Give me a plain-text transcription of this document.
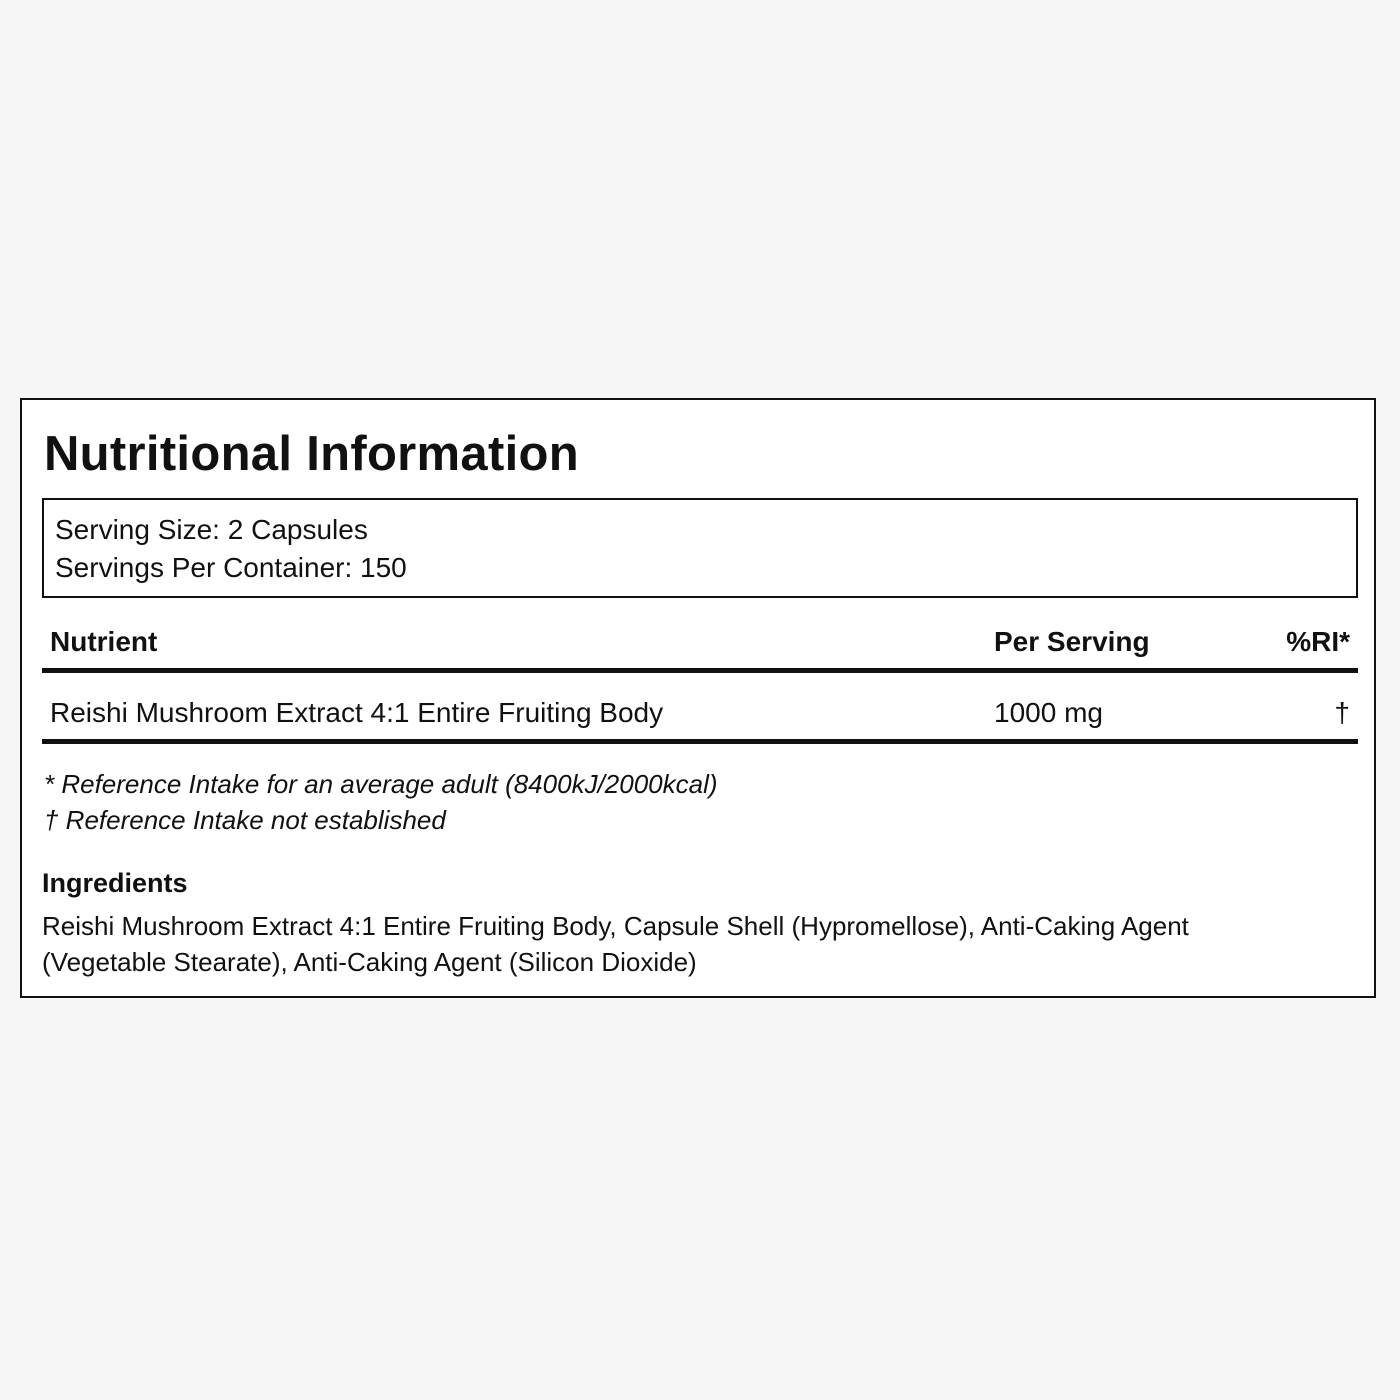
Nutritional Information
Serving Size: 2 Capsules
Servings Per Container: 150
Nutrient	Per Serving	%RI*
Reishi Mushroom Extract 4:1 Entire Fruiting Body	1000 mg	†
* Reference Intake for an average adult (8400kJ/2000kcal)
† Reference Intake not established
Ingredients
Reishi Mushroom Extract 4:1 Entire Fruiting Body, Capsule Shell (Hypromellose), Anti-Caking Agent (Vegetable Stearate), Anti-Caking Agent (Silicon Dioxide)
